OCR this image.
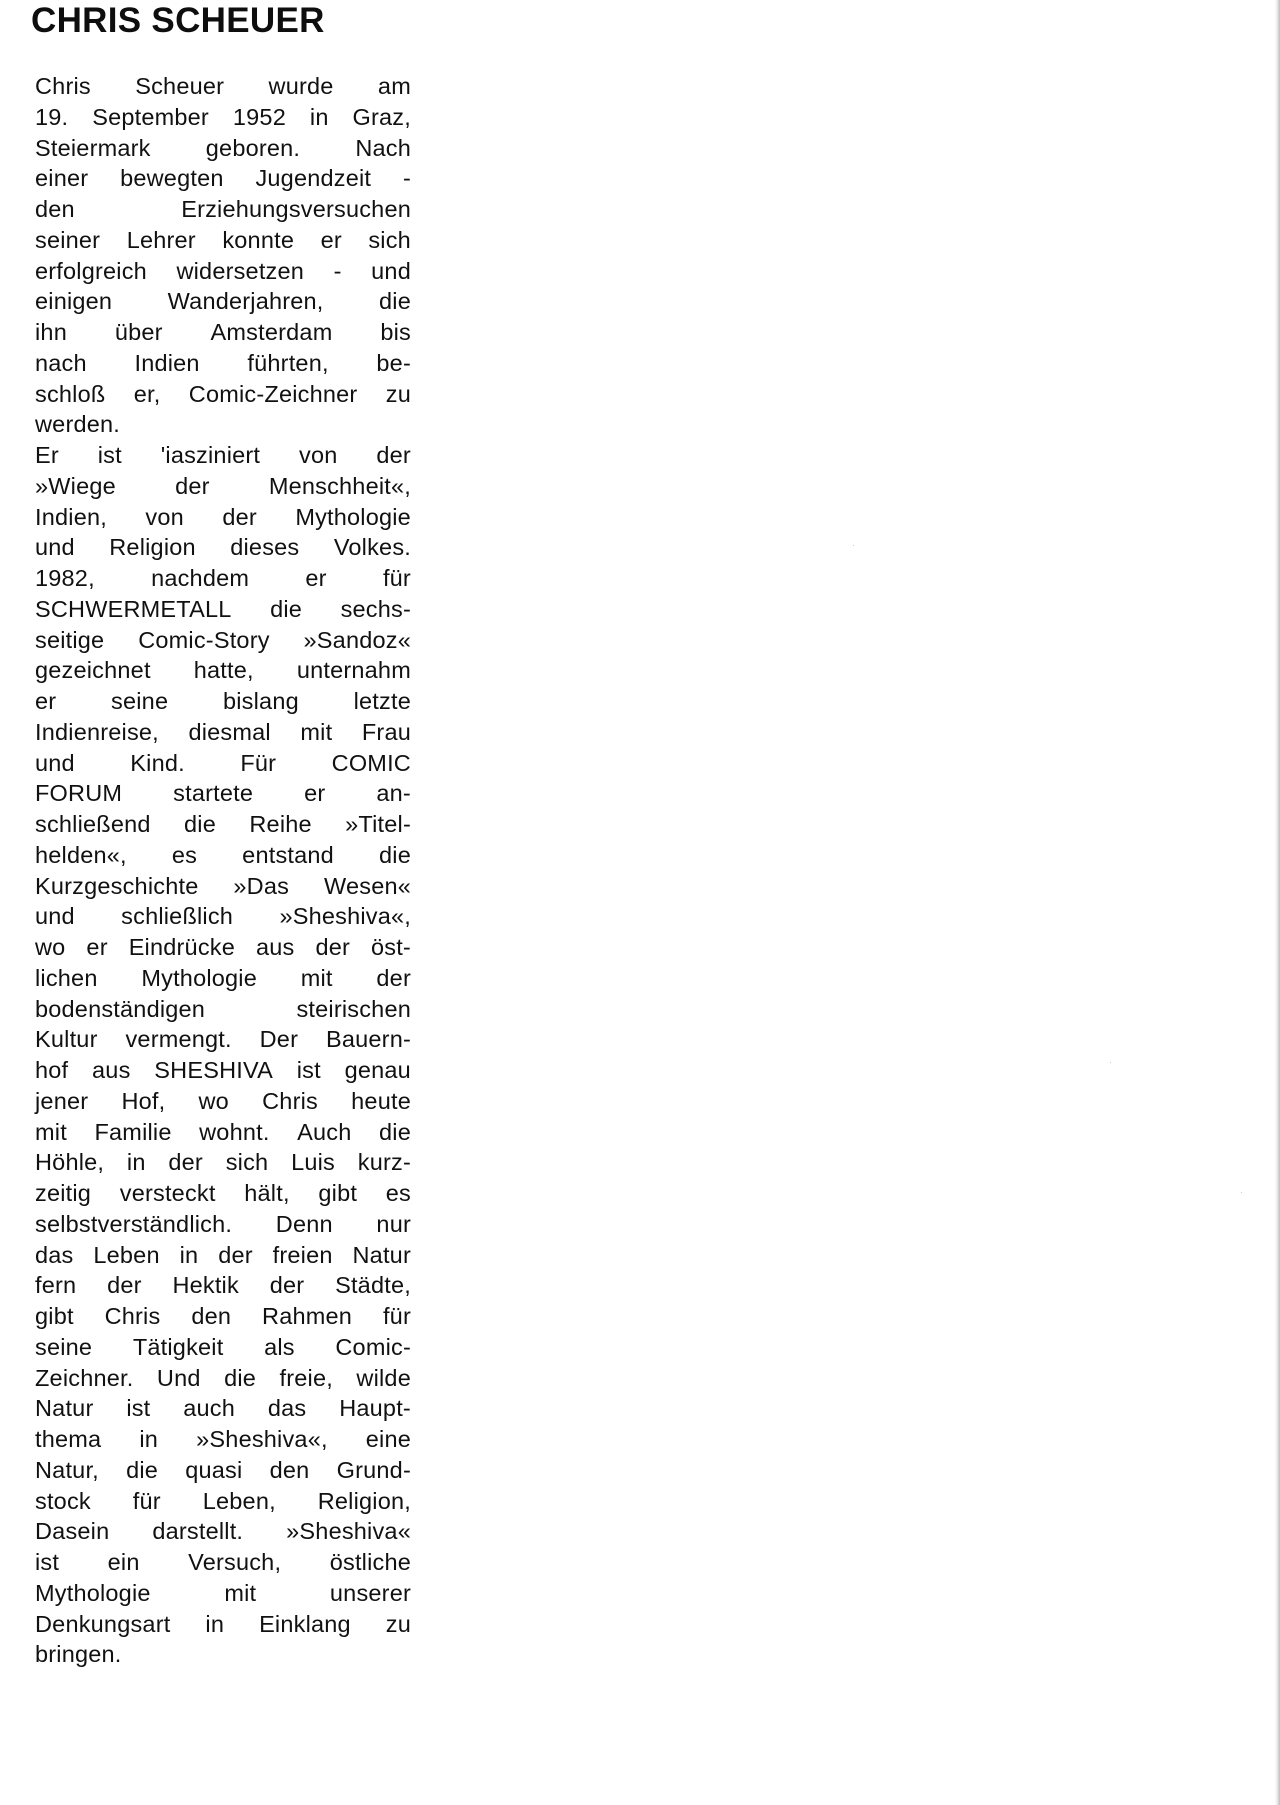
CHRIS SCHEUER
Chris Scheuer wurde am
19. September 1952 in Graz,
Steiermark geboren. Nach
einer bewegten Jugendzeit -
den	Erziehungsversuchen
seiner Lehrer konnte er sich
erfolgreich widersetzen - und
einigen Wanderjahren, die
ihn über Amsterdam bis
nach Indien führten, be-
schloß er, Comic-Zeichner zu
werden.
Er ist 'iasziniert von der
»Wiege	der	Menschheit«,
Indien, von der Mythologie
und Religion dieses Volkes.
1982, nachdem er für
SCHWERMETALL die sechs-
seitige Comic-Story »Sandoz«
gezeichnet hatte, unternahm
er seine bislang letzte
Indienreise, diesmal mit Frau
und Kind. Für COMIC
FORUM startete er an-
schließend die Reihe »Titel-
helden«, es entstand die
Kurzgeschichte »Das Wesen«
und schließlich »Sheshiva«,
wo er Eindrücke aus der öst-
lichen Mythologie mit der
bodenständigen	steirischen
Kultur vermengt. Der Bauern-
hof aus SHESHIVA ist genau
jener Hof, wo Chris heute
mit Familie wohnt. Auch die
Höhle, in der sich Luis kurz-
zeitig versteckt hält, gibt es
selbstverständlich. Denn nur
das Leben in der freien Natur
fern der Hektik der Städte,
gibt Chris den Rahmen für
seine Tätigkeit als Comic-
Zeichner. Und die freie, wilde
Natur ist auch das Haupt-
thema in »Sheshiva«, eine
Natur, die quasi den Grund-
stock für Leben, Religion,
Dasein darstellt. »Sheshiva«
ist ein Versuch, östliche
Mythologie	mit	unserer
Denkungsart in Einklang zu
bringen.
